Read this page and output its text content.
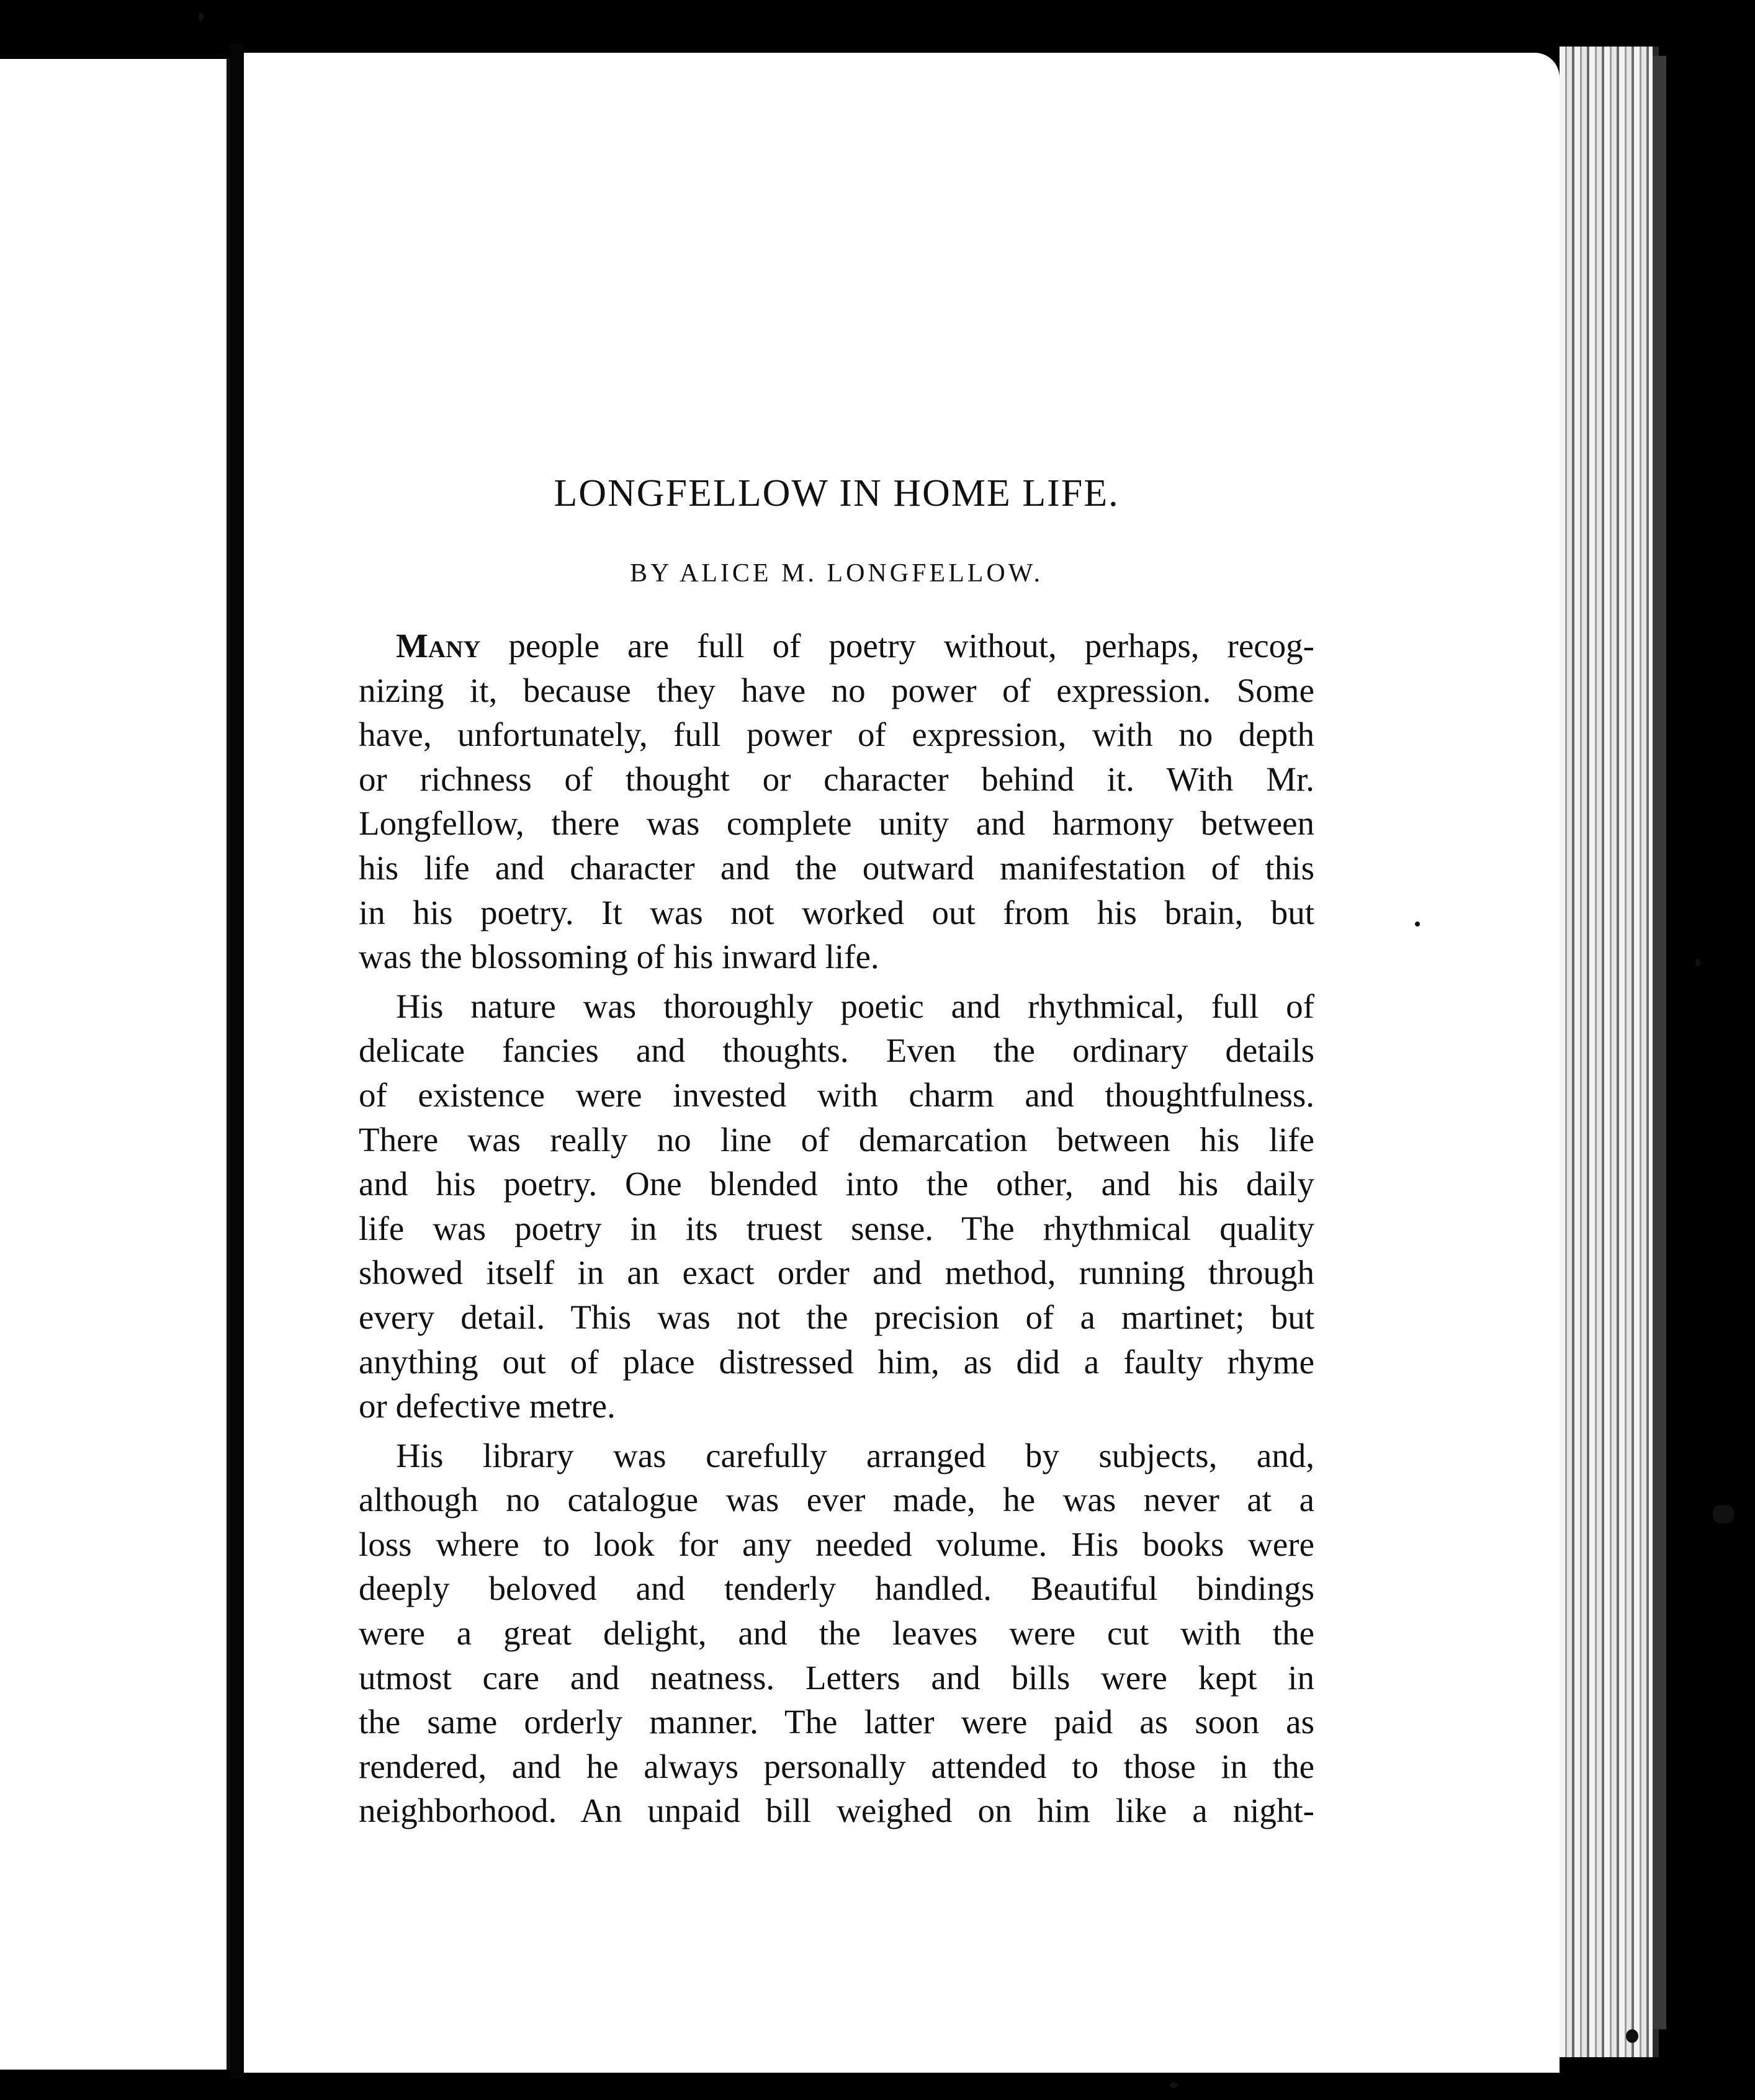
LONGFELLOW IN HOME LIFE.
BY ALICE M. LONGFELLOW.
Many people are full of poetry without, perhaps, recog-
nizing it, because they have no power of expression. Some
have, unfortunately, full power of expression, with no depth
or richness of thought or character behind it. With Mr.
Longfellow, there was complete unity and harmony between
his life and character and the outward manifestation of this
in his poetry. It was not worked out from his brain, but
was the blossoming of his inward life.
His nature was thoroughly poetic and rhythmical, full of
delicate fancies and thoughts. Even the ordinary details
of existence were invested with charm and thoughtfulness.
There was really no line of demarcation between his life
and his poetry. One blended into the other, and his daily
life was poetry in its truest sense. The rhythmical quality
showed itself in an exact order and method, running through
every detail. This was not the precision of a martinet; but
anything out of place distressed him, as did a faulty rhyme
or defective metre.
His library was carefully arranged by subjects, and,
although no catalogue was ever made, he was never at a
loss where to look for any needed volume. His books were
deeply beloved and tenderly handled. Beautiful bindings
were a great delight, and the leaves were cut with the
utmost care and neatness. Letters and bills were kept in
the same orderly manner. The latter were paid as soon as
rendered, and he always personally attended to those in the
neighborhood. An unpaid bill weighed on him like a night-
